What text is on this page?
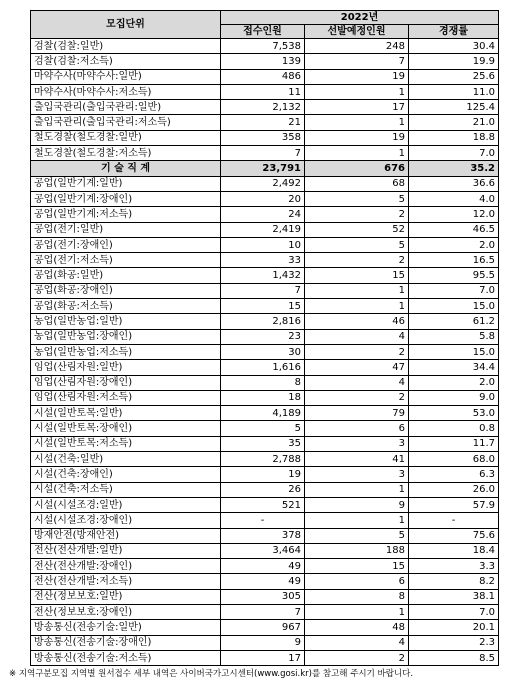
모집단위	2022년		
	접수인원	선발예정인원	경쟁률
검찰(검찰:일반)	7,538	248	30.4
검찰(검찰:저소득)	139	7	19.9
마약수사(마약수사:일반)	486	19	25.6
마약수사(마약수사:저소득)	11	1	11.0
출입국관리(출입국관리:일반)	2,132	17	125.4
출입국관리(출입국관리:저소득)	21	1	21.0
철도경찰(철도경찰:일반)	358	19	18.8
철도경찰(철도경찰:저소득)	7	1	7.0
기 술 직 계	23,791	676	35.2
공업(일반기계:일반)	2,492	68	36.6
공업(일반기계:장애인)	20	5	4.0
공업(일반기계:저소득)	24	2	12.0
공업(전기:일반)	2,419	52	46.5
공업(전기:장애인)	10	5	2.0
공업(전기:저소득)	33	2	16.5
공업(화공:일반)	1,432	15	95.5
공업(화공:장애인)	7	1	7.0
공업(화공:저소득)	15	1	15.0
농업(일반농업:일반)	2,816	46	61.2
농업(일반농업:장애인)	23	4	5.8
농업(일반농업:저소득)	30	2	15.0
임업(산림자원:일반)	1,616	47	34.4
임업(산림자원:장애인)	8	4	2.0
임업(산림자원:저소득)	18	2	9.0
시설(일반토목:일반)	4,189	79	53.0
시설(일반토목:장애인)	5	6	0.8
시설(일반토목:저소득)	35	3	11.7
시설(건축:일반)	2,788	41	68.0
시설(건축:장애인)	19	3	6.3
시설(건축:저소득)	26	1	26.0
시설(시설조경:일반)	521	9	57.9
시설(시설조경:장애인)	-	1	-
방재안전(방재안전)	378	5	75.6
전산(전산개발:일반)	3,464	188	18.4
전산(전산개발:장애인)	49	15	3.3
전산(전산개발:저소득)	49	6	8.2
전산(정보보호:일반)	305	8	38.1
전산(정보보호:장애인)	7	1	7.0
방송통신(전송기술:일반)	967	48	20.1
방송통신(전송기술:장애인)	9	4	2.3
방송통신(전송기술:저소득)	17	2	8.5
※ 지역구분모집 지역별 원서접수 세부 내역은 사이버국가고시센터(www.gosi.kr)를 참고해 주시기 바랍니다.
